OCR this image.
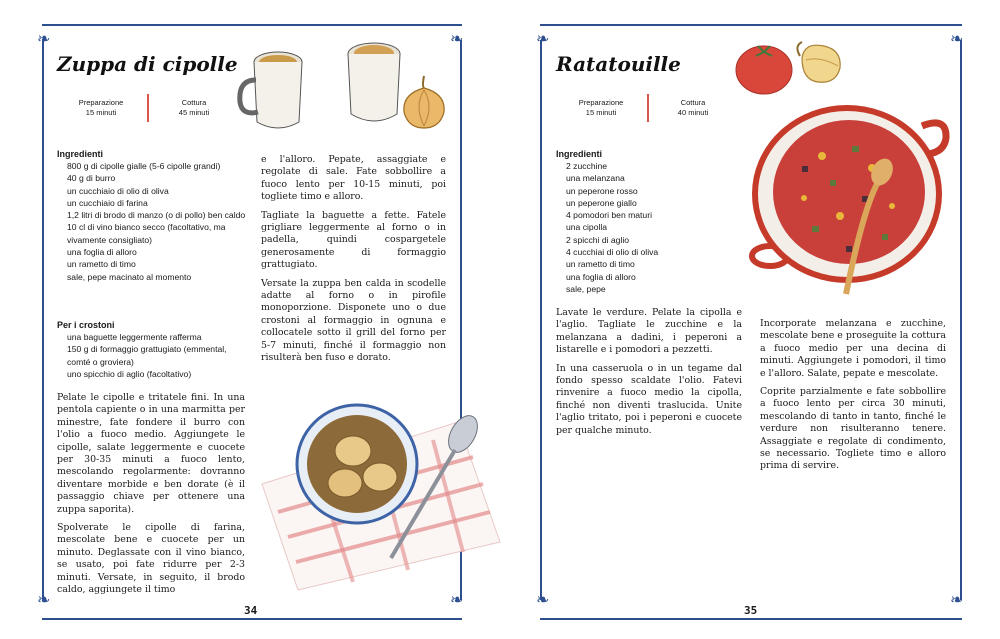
❧	❧
❧	❧
❧	❧
❧	❧
Zuppa di cipolle
Preparazione
15 minuti
Cottura
45 minuti
Ingredienti
800 g di cipolle gialle (5-6 cipolle grandi)
40 g di burro
un cucchiaio di olio di oliva
un cucchiaio di farina
1,2 litri di brodo di manzo (o di pollo) ben caldo
10 cl di vino bianco secco (facoltativo, ma vivamente consigliato)
una foglia di alloro
un rametto di timo
sale, pepe macinato al momento
Per i crostoni
una baguette leggermente rafferma
150 g di formaggio grattugiato (emmental, comté o groviera)
uno spicchio di aglio (facoltativo)

Pelate le cipolle e tritatele fini. In una pentola capiente o in una marmitta per minestre, fate fondere il burro con l'olio a fuoco medio. Aggiungete le cipolle, salate leggermente e cuocete per 30-35 minuti a fuoco lento, mescolando regolarmente: dovranno diventare morbide e ben dorate (è il passaggio chiave per ottenere una zuppa saporita).

Spolverate le cipolle di farina, mescolate bene e cuocete per un minuto. Deglassate con il vino bianco, se usato, poi fate ridurre per 2-3 minuti. Versate, in seguito, il brodo caldo, aggiungete il timo

e l'alloro. Pepate, assaggiate e regolate di sale. Fate sobbollire a fuoco lento per 10-15 minuti, poi togliete timo e alloro.

Tagliate la baguette a fette. Fatele grigliare leggermente al forno o in padella, quindi cospargetele generosamente di formaggio grattugiato.

Versate la zuppa ben calda in scodelle adatte al forno o in pirofile monoporzione. Disponete uno o due crostoni al formaggio in ognuna e collocatele sotto il grill del forno per 5-7 minuti, finché il formaggio non risulterà ben fuso e dorato.

34
Ratatouille
Preparazione
15 minuti
Cottura
40 minuti
Ingredienti
2 zucchine
una melanzana
un peperone rosso
un peperone giallo
4 pomodori ben maturi
una cipolla
2 spicchi di aglio
4 cucchiai di olio di oliva
un rametto di timo
una foglia di alloro
sale, pepe

Lavate le verdure. Pelate la cipolla e l'aglio. Tagliate le zucchine e la melanzana a dadini, i peperoni a listarelle e i pomodori a pezzetti.

In una casseruola o in un tegame dal fondo spesso scaldate l'olio. Fatevi rinvenire a fuoco medio la cipolla, finché non diventi traslucida. Unite l'aglio tritato, poi i peperoni e cuocete per qualche minuto.

Incorporate melanzana e zucchine, mescolate bene e proseguite la cottura a fuoco medio per una decina di minuti. Aggiungete i pomodori, il timo e l'alloro. Salate, pepate e mescolate.

Coprite parzialmente e fate sobbollire a fuoco lento per circa 30 minuti, mescolando di tanto in tanto, finché le verdure non risulteranno tenere. Assaggiate e regolate di condimento, se necessario. Togliete timo e alloro prima di servire.

35
